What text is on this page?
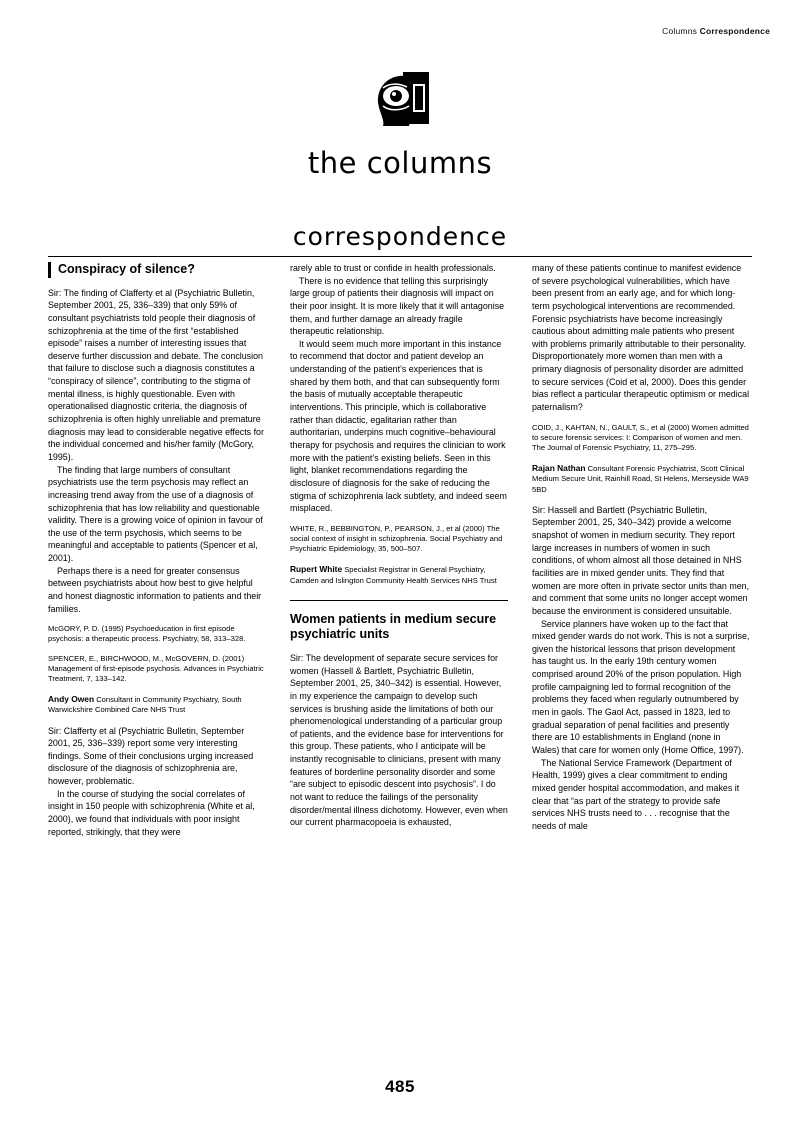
Columns Correspondence
the columns
correspondence
Conspiracy of silence?

Sir: The finding of Clafferty et al (Psychiatric Bulletin, September 2001, 25, 336–339) that only 59% of consultant psychiatrists told people their diagnosis of schizophrenia at the time of the first “established episode” raises a number of interesting issues that deserve further discussion and debate. The conclusion that failure to disclose such a diagnosis constitutes a “conspiracy of silence”, contributing to the stigma of mental illness, is highly questionable. Even with operationalised diagnostic criteria, the diagnosis of schizophrenia is often highly unreliable and premature diagnosis may lead to considerable negative effects for the individual concerned and his/her family (McGory, 1995).

The finding that large numbers of consultant psychiatrists use the term psychosis may reflect an increasing trend away from the use of a diagnosis of schizophrenia that has low reliability and questionable validity. There is a growing voice of opinion in favour of the use of the term psychosis, which seems to be meaningful and acceptable to patients (Spencer et al, 2001).

Perhaps there is a need for greater consensus between psychiatrists about how best to give helpful and honest diagnostic information to patients and their families.

McGORY, P. D. (1995) Psychoeducation in first episode psychosis: a therapeutic process. Psychiatry, 58, 313–328.

SPENCER, E., BIRCHWOOD, M., McGOVERN, D. (2001) Management of first-episode psychosis. Advances in Psychiatric Treatment, 7, 133–142.

Andy Owen Consultant in Community Psychiatry, South Warwickshire Combined Care NHS Trust

Sir: Clafferty et al (Psychiatric Bulletin, September 2001, 25, 336–339) report some very interesting findings. Some of their conclusions urging increased disclosure of the diagnosis of schizophrenia are, however, problematic.

In the course of studying the social correlates of insight in 150 people with schizophrenia (White et al, 2000), we found that individuals with poor insight reported, strikingly, that they were

rarely able to trust or confide in health professionals.

There is no evidence that telling this surprisingly large group of patients their diagnosis will impact on their poor insight. It is more likely that it will antagonise them, and further damage an already fragile therapeutic relationship.

It would seem much more important in this instance to recommend that doctor and patient develop an understanding of the patient’s experiences that is shared by them both, and that can subsequently form the basis of mutually acceptable therapeutic interventions. This principle, which is collaborative rather than didactic, egalitarian rather than authoritarian, underpins much cognitive–behavioural therapy for psychosis and requires the clinician to work more with the patient’s existing beliefs. Seen in this light, blanket recommendations regarding the disclosure of diagnosis for the sake of reducing the stigma of schizophrenia lack subtlety, and indeed seem misplaced.

WHITE, R., BEBBINGTON, P., PEARSON, J., et al (2000) The social context of insight in schizophrenia. Social Psychiatry and Psychiatric Epidemiology, 35, 500–507.

Rupert White Specialist Registrar in General Psychiatry, Camden and Islington Community Health Services NHS Trust

Women patients in medium secure psychiatric units

Sir: The development of separate secure services for women (Hassell & Bartlett, Psychiatric Bulletin, September 2001, 25, 340–342) is essential. However, in my experience the campaign to develop such services is brushing aside the limitations of both our phenomenological understanding of a particular group of patients, and the evidence base for interventions for this group. These patients, who I anticipate will be instantly recognisable to clinicians, present with many features of borderline personality disorder and some “are subject to episodic descent into psychosis”. I do not want to reduce the failings of the personality disorder/mental illness dichotomy. However, even when our current pharmacopoeia is exhausted,

many of these patients continue to manifest evidence of severe psychological vulnerabilities, which have been present from an early age, and for which long-term psychological interventions are recommended. Forensic psychiatrists have become increasingly cautious about admitting male patients who present with problems primarily attributable to their personality. Disproportionately more women than men with a primary diagnosis of personality disorder are admitted to secure services (Coid et al, 2000). Does this gender bias reflect a particular therapeutic optimism or medical paternalism?

COID, J., KAHTAN, N., GAULT, S., et al (2000) Women admitted to secure forensic services: I: Comparison of women and men. The Journal of Forensic Psychiatry, 11, 275–295.

Rajan Nathan Consultant Forensic Psychiatrist, Scott Clinical Medium Secure Unit, Rainhill Road, St Helens, Merseyside WA9 5BD

Sir: Hassell and Bartlett (Psychiatric Bulletin, September 2001, 25, 340–342) provide a welcome snapshot of women in medium security. They report large increases in numbers of women in such conditions, of whom almost all those detained in NHS facilities are in mixed gender units. They find that women are more often in private sector units than men, and comment that some units no longer accept women because the environment is considered unsuitable.

Service planners have woken up to the fact that mixed gender wards do not work. This is not a surprise, given the historical lessons that prison development has taught us. In the early 19th century women comprised around 20% of the prison population. High profile campaigning led to formal recognition of the problems they faced when regularly outnumbered by men in gaols. The Gaol Act, passed in 1823, led to gradual separation of penal facilities and presently there are 10 establishments in England (none in Wales) that care for women only (Home Office, 1997).

The National Service Framework (Department of Health, 1999) gives a clear commitment to ending mixed gender hospital accommodation, and makes it clear that “as part of the strategy to provide safe services NHS trusts need to . . . recognise that the needs of male

485
